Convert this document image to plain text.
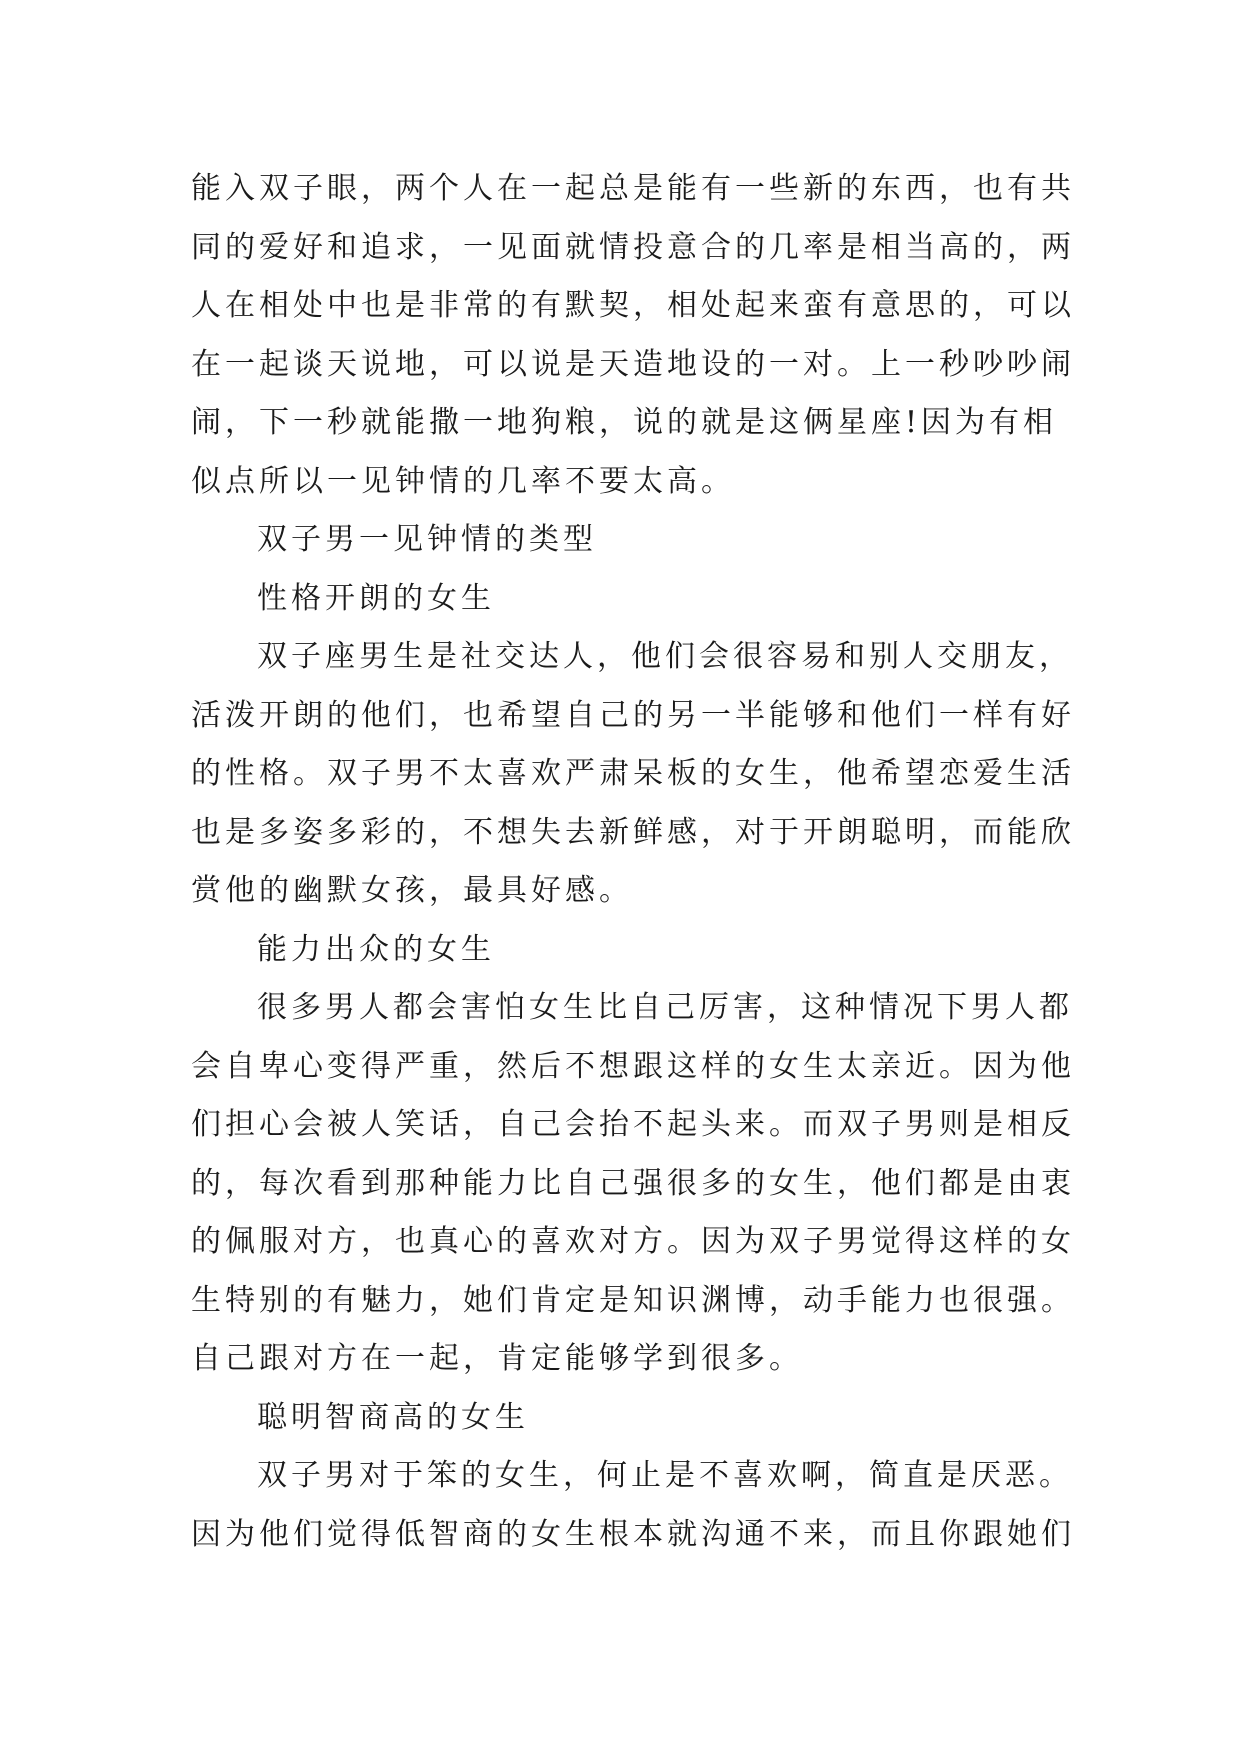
能入双子眼，两个人在一起总是能有一些新的东西，也有共
同的爱好和追求，一见面就情投意合的几率是相当高的，两
人在相处中也是非常的有默契，相处起来蛮有意思的，可以
在一起谈天说地，可以说是天造地设的一对。上一秒吵吵闹
闹，下一秒就能撒一地狗粮，说的就是这俩星座!因为有相
似点所以一见钟情的几率不要太高。
双子男一见钟情的类型
性格开朗的女生
双子座男生是社交达人，他们会很容易和别人交朋友，
活泼开朗的他们，也希望自己的另一半能够和他们一样有好
的性格。双子男不太喜欢严肃呆板的女生，他希望恋爱生活
也是多姿多彩的，不想失去新鲜感，对于开朗聪明，而能欣
赏他的幽默女孩，最具好感。
能力出众的女生
很多男人都会害怕女生比自己厉害，这种情况下男人都
会自卑心变得严重，然后不想跟这样的女生太亲近。因为他
们担心会被人笑话，自己会抬不起头来。而双子男则是相反
的，每次看到那种能力比自己强很多的女生，他们都是由衷
的佩服对方，也真心的喜欢对方。因为双子男觉得这样的女
生特别的有魅力，她们肯定是知识渊博，动手能力也很强。
自己跟对方在一起，肯定能够学到很多。
聪明智商高的女生
双子男对于笨的女生，何止是不喜欢啊，简直是厌恶。
因为他们觉得低智商的女生根本就沟通不来，而且你跟她们
